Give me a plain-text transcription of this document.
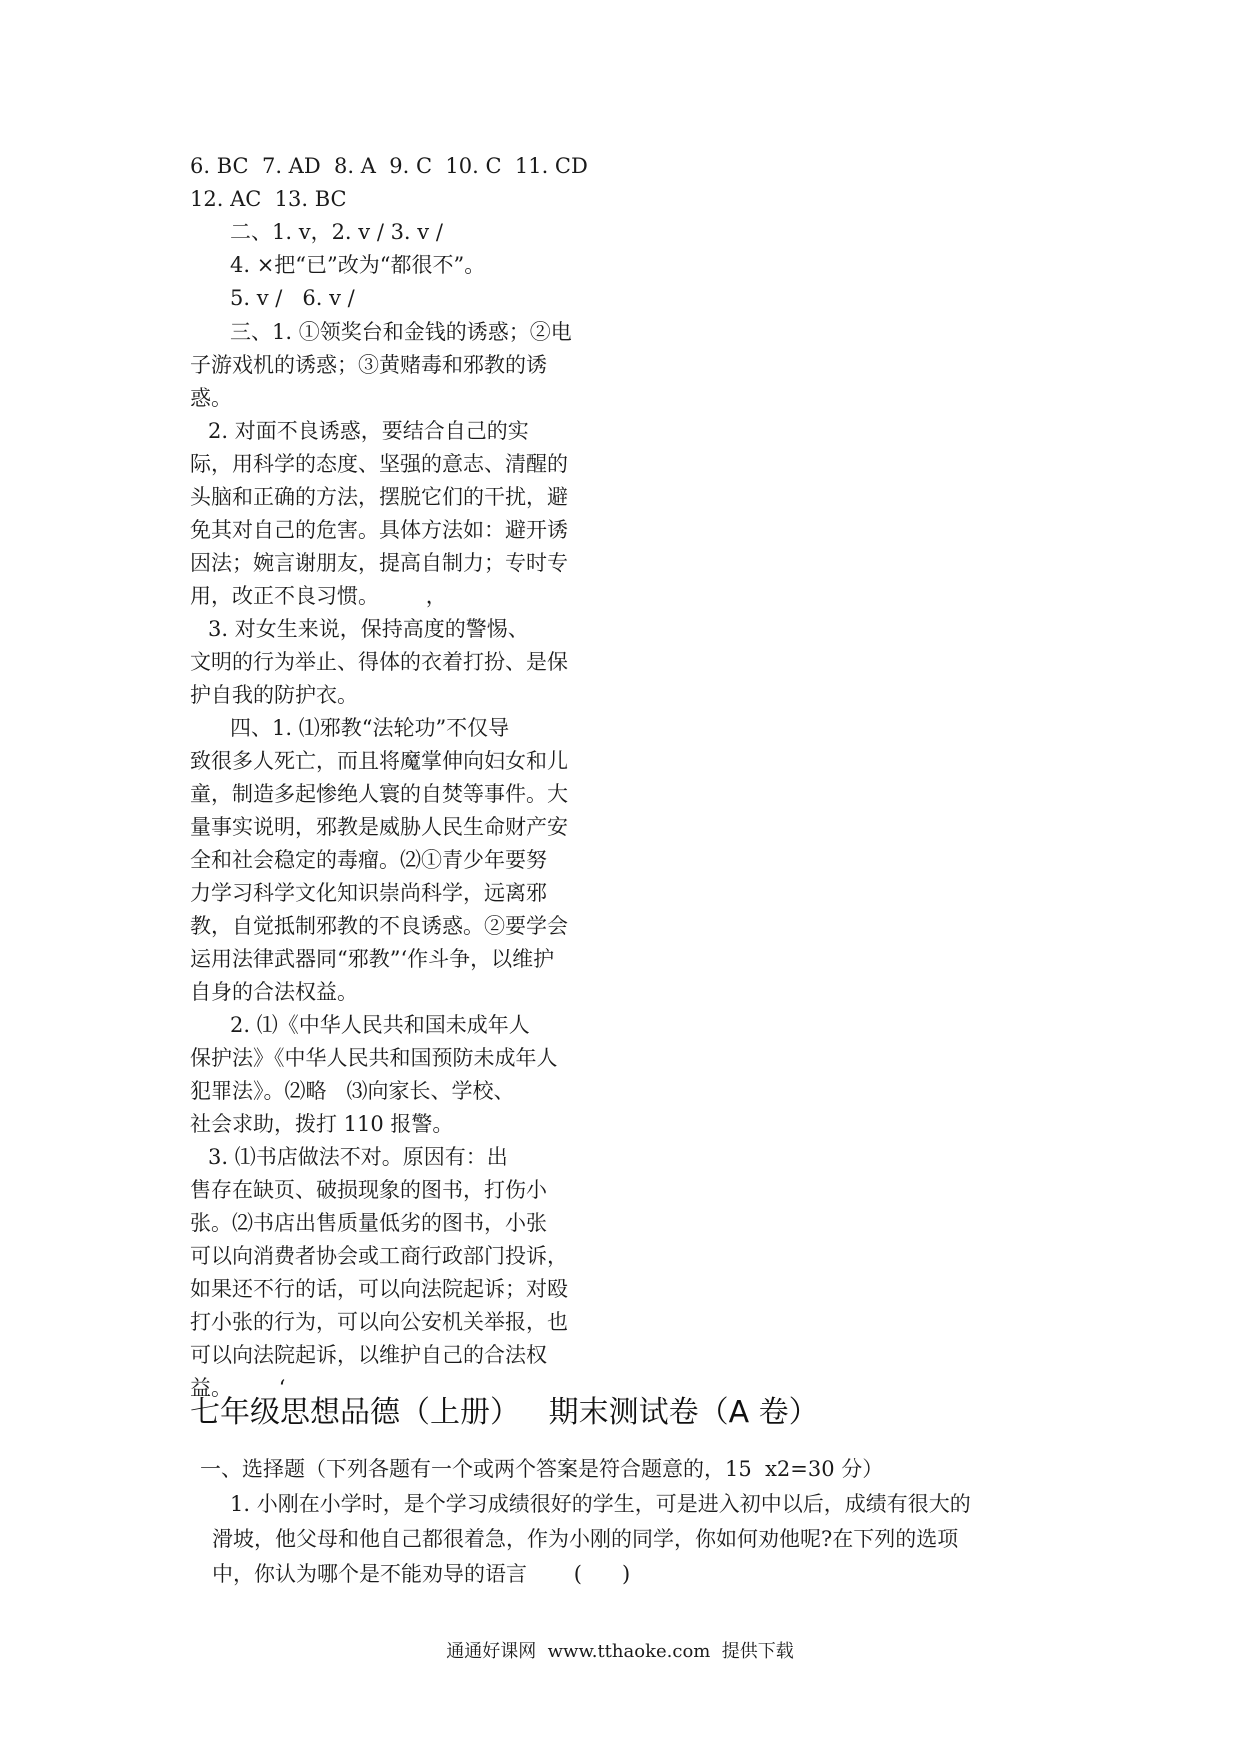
6. BC  7. AD  8. A  9. C  10. C  11. CD
12. AC  13. BC
二、1. v，2. v / 3. v /
4. ×把“已”改为“都很不”。
5. v /   6. v /
三、1. ①领奖台和金钱的诱惑；②电
子游戏机的诱惑；③黄赌毒和邪教的诱
惑。
2. 对面不良诱惑，要结合自己的实
际，用科学的态度、坚强的意志、清醒的
头脑和正确的方法，摆脱它们的干扰，避
免其对自己的危害。具体方法如：避开诱
因法；婉言谢朋友，提高自制力；专时专
用，改正不良习惯。       ，
3. 对女生来说，保持高度的警惕、
文明的行为举止、得体的衣着打扮、是保
护自我的防护衣。
四、1. ⑴邪教“法轮功”不仅导
致很多人死亡，而且将魔掌伸向妇女和儿
童，制造多起惨绝人寰的自焚等事件。大
量事实说明，邪教是威胁人民生命财产安
全和社会稳定的毒瘤。⑵①青少年要努
力学习科学文化知识崇尚科学，远离邪
教，自觉抵制邪教的不良诱惑。②要学会
运用法律武器同“邪教”‘作斗争，以维护
自身的合法权益。
2. ⑴《中华人民共和国未成年人
保护法》《中华人民共和国预防未成年人
犯罪法》。⑵略   ⑶向家长、学校、
社会求助，拨打 110 报警。
3. ⑴书店做法不对。原因有：出
售存在缺页、破损现象的图书，打伤小
张。⑵书店出售质量低劣的图书，小张
可以向消费者协会或工商行政部门投诉，
如果还不行的话，可以向法院起诉；对殴
打小张的行为，可以向公安机关举报，也
可以向法院起诉，以维护自己的合法权
益。       ‘
七年级思想品德（上册）   期末测试卷（A 卷）
一、选择题（下列各题有一个或两个答案是符合题意的，15  x2=30 分）
1. 小刚在小学时，是个学习成绩很好的学生，可是进入初中以后，成绩有很大的
滑坡，他父母和他自己都很着急，作为小刚的同学，你如何劝他呢?在下列的选项
中，你认为哪个是不能劝导的语言       (      )
通通好课网  www.tthaoke.com  提供下载
